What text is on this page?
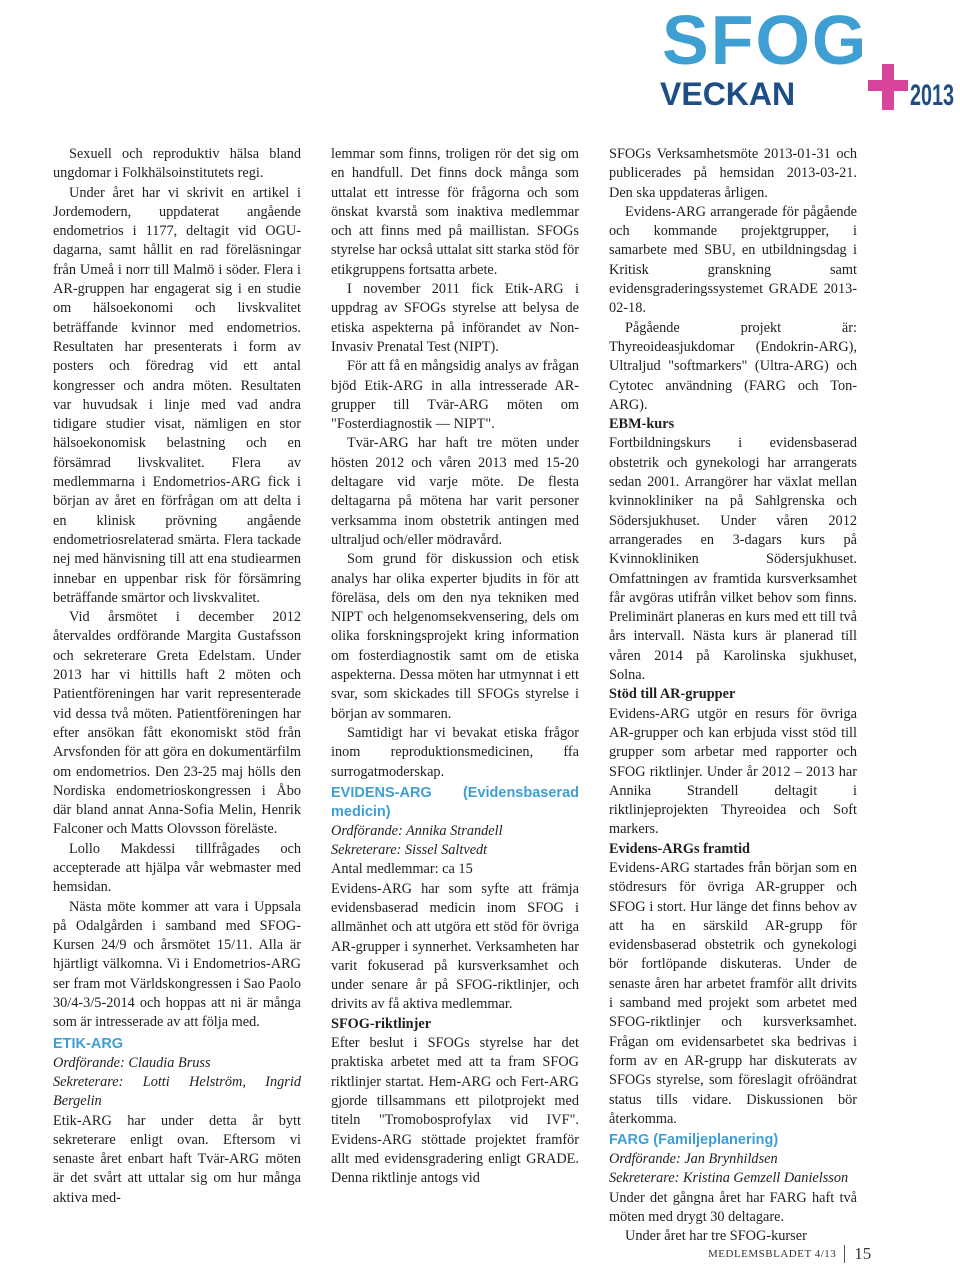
SFOG
VECKAN	2013

Sexuell och reproduktiv hälsa bland ungdomar i Folkhälsoinstitutets regi.

Under året har vi skrivit en artikel i Jordemodern, uppdaterat angående endometrios i 1177, deltagit vid OGU-dagarna, samt hållit en rad föreläsningar från Umeå i norr till Malmö i söder. Flera i AR-gruppen har engagerat sig i en studie om hälsoekonomi och livskvalitet beträffande kvinnor med endometrios. Resultaten har presenterats i form av posters och föredrag vid ett antal kongresser och andra möten. Resultaten var huvudsak i linje med vad andra tidigare studier visat, nämligen en stor hälsoekonomisk belastning och en försämrad livskvalitet. Flera av medlemmarna i Endometrios-ARG fick i början av året en förfrågan om att delta i en klinisk prövning angående endometriosrelaterad smärta. Flera tackade nej med hänvisning till att ena studiearmen innebar en uppenbar risk för försämring beträffande smärtor och livskvalitet.

Vid årsmötet i december 2012 återvaldes ordförande Margita Gustafsson och sekreterare Greta Edelstam. Under 2013 har vi hittills haft 2 möten och Patientföreningen har varit representerade vid dessa två möten. Patientföreningen har efter ansökan fått ekonomiskt stöd från Arvsfonden för att göra en dokumentärfilm om endometrios. Den 23-25 maj hölls den Nordiska endometrioskongressen i Åbo där bland annat Anna-Sofia Melin, Henrik Falconer och Matts Olovsson föreläste.

Lollo Makdessi tillfrågades och accepterade att hjälpa vår webmaster med hemsidan.

Nästa möte kommer att vara i Uppsala på Odalgården i samband med SFOG-Kursen 24/9 och årsmötet 15/11. Alla är hjärtligt välkomna. Vi i Endometrios-ARG ser fram mot Världskongressen i Sao Paolo 30/4-3/5-2014 och hoppas att ni är många som är intresserade av att följa med.

ETIK-ARG
Ordförande: Claudia Bruss
Sekreterare: Lotti Helström, Ingrid Bergelin

Etik-ARG har under detta år bytt sekreterare enligt ovan. Eftersom vi senaste året enbart haft Tvär-ARG möten är det svårt att uttalar sig om hur många aktiva med-

lemmar som finns, troligen rör det sig om en handfull. Det finns dock många som uttalat ett intresse för frågorna och som önskat kvarstå som inaktiva medlemmar och att finns med på maillistan. SFOGs styrelse har också uttalat sitt starka stöd för etikgruppens fortsatta arbete.

I november 2011 fick Etik-ARG i uppdrag av SFOGs styrelse att belysa de etiska aspekterna på införandet av Non-Invasiv Prenatal Test (NIPT).

För att få en mångsidig analys av frågan bjöd Etik-ARG in alla intresserade AR-grupper till Tvär-ARG möten om "Fosterdiagnostik — NIPT".

Tvär-ARG har haft tre möten under hösten 2012 och våren 2013 med 15-20 deltagare vid varje möte. De flesta deltagarna på mötena har varit personer verksamma inom obstetrik antingen med ultraljud och/eller mödravård.

Som grund för diskussion och etisk analys har olika experter bjudits in för att föreläsa, dels om den nya tekniken med NIPT och helgenomsekvensering, dels om olika forskningsprojekt kring information om fosterdiagnostik samt om de etiska aspekterna. Dessa möten har utmynnat i ett svar, som skickades till SFOGs styrelse i början av sommaren.

Samtidigt har vi bevakat etiska frågor inom reproduktionsmedicinen, ffa surrogatmoderskap.

EVIDENS-ARG (Evidensbaserad medicin)
Ordförande: Annika Strandell
Sekreterare: Sissel Saltvedt
Antal medlemmar: ca 15

Evidens-ARG har som syfte att främja evidensbaserad medicin inom SFOG i allmänhet och att utgöra ett stöd för övriga AR-grupper i synnerhet. Verksamheten har varit fokuserad på kursverksamhet och under senare år på SFOG-riktlinjer, och drivits av få aktiva medlemmar.

SFOG-riktlinjer

Efter beslut i SFOGs styrelse har det praktiska arbetet med att ta fram SFOG riktlinjer startat. Hem-ARG och Fert-ARG gjorde tillsammans ett pilotprojekt med titeln "Tromobosprofylax vid IVF". Evidens-ARG stöttade projektet framför allt med evidensgradering enligt GRADE. Denna riktlinje antogs vid

SFOGs Verksamhetsmöte 2013-01-31 och publicerades på hemsidan 2013-03-21. Den ska uppdateras årligen.

Evidens-ARG arrangerade för pågående och kommande projektgrupper, i samarbete med SBU, en utbildningsdag i Kritisk granskning samt evidensgraderingssystemet GRADE 2013-02-18.

Pågående projekt är: Thyreoideasjukdomar (Endokrin-ARG), Ultraljud "softmarkers" (Ultra-ARG) och Cytotec användning (FARG och Ton-ARG).

EBM-kurs

Fortbildningskurs i evidensbaserad obstetrik och gynekologi har arrangerats sedan 2001. Arrangörer har växlat mellan kvinnokliniker na på Sahlgrenska och Södersjukhuset. Under våren 2012 arrangerades en 3-dagars kurs på Kvinnokliniken Södersjukhuset. Omfattningen av framtida kursverksamhet får avgöras utifrån vilket behov som finns. Preliminärt planeras en kurs med ett till två års intervall. Nästa kurs är planerad till våren 2014 på Karolinska sjukhuset, Solna.

Stöd till AR-grupper

Evidens-ARG utgör en resurs för övriga AR-grupper och kan erbjuda visst stöd till grupper som arbetar med rapporter och SFOG riktlinjer. Under år 2012 – 2013 har Annika Strandell deltagit i riktlinjeprojekten Thyreoidea och Soft markers.

Evidens-ARGs framtid

Evidens-ARG startades från början som en stödresurs för övriga AR-grupper och SFOG i stort. Hur länge det finns behov av att ha en särskild AR-grupp för evidensbaserad obstetrik och gynekologi bör fortlöpande diskuteras. Under de senaste åren har arbetet framför allt drivits i samband med projekt som arbetet med SFOG-riktlinjer och kursverksamhet. Frågan om evidensarbetet ska bedrivas i form av en AR-grupp har diskuterats av SFOGs styrelse, som föreslagit ofröändrat status tills vidare. Diskussionen bör återkomma.

FARG (Familjeplanering)
Ordförande: Jan Brynhildsen
Sekreterare: Kristina Gemzell Danielsson

Under det gångna året har FARG haft två möten med drygt 30 deltagare.

Under året har tre SFOG-kurser

MEDLEMSBLADET 4/13 15
